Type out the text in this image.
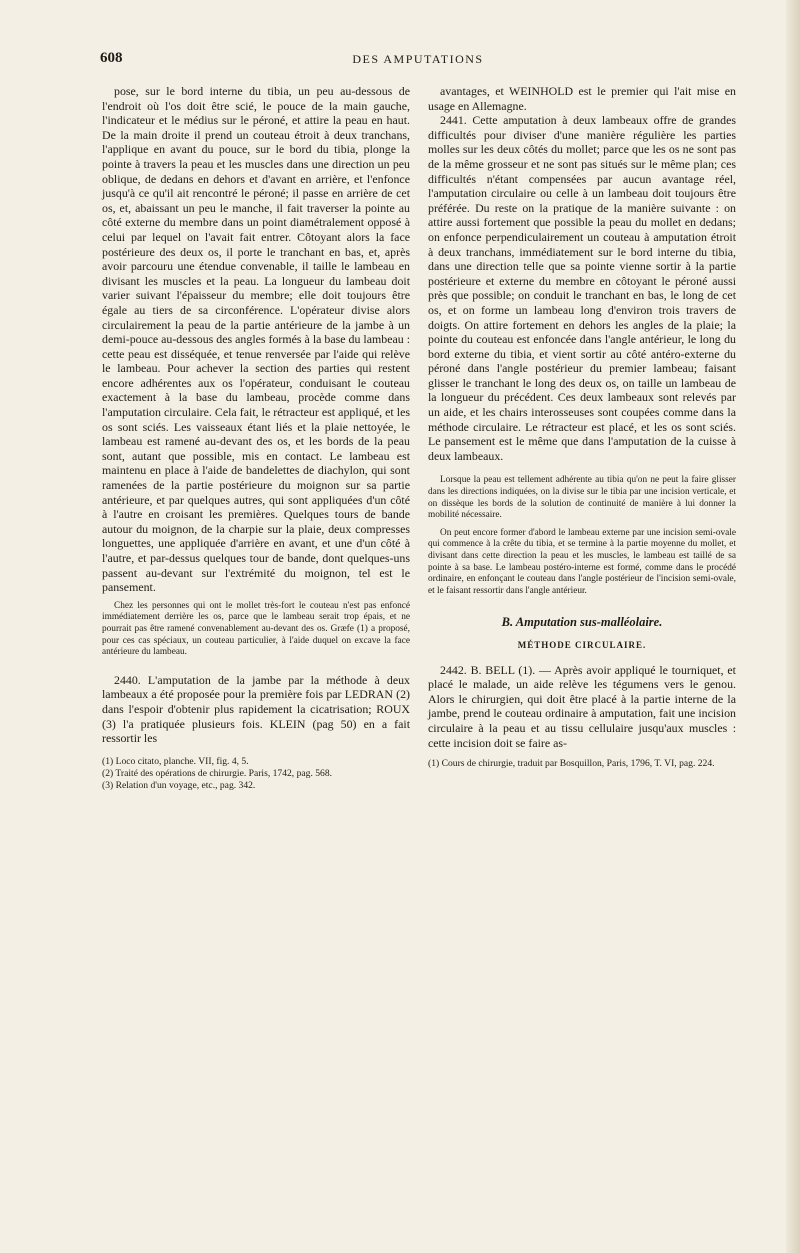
608	DES AMPUTATIONS

pose, sur le bord interne du tibia, un peu au-dessous de l'endroit où l'os doit être scié, le pouce de la main gauche, l'indicateur et le médius sur le péroné, et attire la peau en haut. De la main droite il prend un couteau étroit à deux tranchans, l'applique en avant du pouce, sur le bord du tibia, plonge la pointe à travers la peau et les muscles dans une direction un peu oblique, de dedans en dehors et d'avant en arrière, et l'enfonce jusqu'à ce qu'il ait rencontré le péroné; il passe en arrière de cet os, et, abaissant un peu le manche, il fait traverser la pointe au côté externe du membre dans un point diamétralement opposé à celui par lequel on l'avait fait entrer. Côtoyant alors la face postérieure des deux os, il porte le tranchant en bas, et, après avoir parcouru une étendue convenable, il taille le lambeau en divisant les muscles et la peau. La longueur du lambeau doit varier suivant l'épaisseur du membre; elle doit toujours être égale au tiers de sa circonférence. L'opérateur divise alors circulairement la peau de la partie antérieure de la jambe à un demi-pouce au-dessous des angles formés à la base du lambeau : cette peau est disséquée, et tenue renversée par l'aide qui relève le lambeau. Pour achever la section des parties qui restent encore adhérentes aux os l'opérateur, conduisant le couteau exactement à la base du lambeau, procède comme dans l'amputation circulaire. Cela fait, le rétracteur est appliqué, et les os sont sciés. Les vaisseaux étant liés et la plaie nettoyée, le lambeau est ramené au-devant des os, et les bords de la peau sont, autant que possible, mis en contact. Le lambeau est maintenu en place à l'aide de bandelettes de diachylon, qui sont ramenées de la partie postérieure du moignon sur sa partie antérieure, et par quelques autres, qui sont appliquées d'un côté à l'autre en croisant les premières. Quelques tours de bande autour du moignon, de la charpie sur la plaie, deux compresses longuettes, une appliquée d'arrière en avant, et une d'un côté à l'autre, et par-dessus quelques tour de bande, dont quelques-uns passent au-devant sur l'extrémité du moignon, tel est le pansement.

Chez les personnes qui ont le mollet très-fort le couteau n'est pas enfoncé immédiatement derrière les os, parce que le lambeau serait trop épais, et ne pourrait pas être ramené convenablement au-devant des os. Græfe (1) a proposé, pour ces cas spéciaux, un couteau particulier, à l'aide duquel on excave la face antérieure du lambeau.

2440. L'amputation de la jambe par la méthode à deux lambeaux a été proposée pour la première fois par LEDRAN (2) dans l'espoir d'obtenir plus rapidement la cicatrisation; ROUX (3) l'a pratiquée plusieurs fois. KLEIN (pag 50) en a fait ressortir les

(1) Loco citato, planche. VII, fig. 4, 5.

(2) Traité des opérations de chirurgie. Paris, 1742, pag. 568.

(3) Relation d'un voyage, etc., pag. 342.

avantages, et WEINHOLD est le premier qui l'ait mise en usage en Allemagne.

2441. Cette amputation à deux lambeaux offre de grandes difficultés pour diviser d'une manière régulière les parties molles sur les deux côtés du mollet; parce que les os ne sont pas de la même grosseur et ne sont pas situés sur le même plan; ces difficultés n'étant compensées par aucun avantage réel, l'amputation circulaire ou celle à un lambeau doit toujours être préférée. Du reste on la pratique de la manière suivante : on attire aussi fortement que possible la peau du mollet en dedans; on enfonce perpendiculairement un couteau à amputation étroit à deux tranchans, immédiatement sur le bord interne du tibia, dans une direction telle que sa pointe vienne sortir à la partie postérieure et externe du membre en côtoyant le péroné aussi près que possible; on conduit le tranchant en bas, le long de cet os, et on forme un lambeau long d'environ trois travers de doigts. On attire fortement en dehors les angles de la plaie; la pointe du couteau est enfoncée dans l'angle antérieur, le long du bord externe du tibia, et vient sortir au côté antéro-externe du péroné dans l'angle postérieur du premier lambeau; faisant glisser le tranchant le long des deux os, on taille un lambeau de la longueur du précédent. Ces deux lambeaux sont relevés par un aide, et les chairs interosseuses sont coupées comme dans la méthode circulaire. Le rétracteur est placé, et les os sont sciés. Le pansement est le même que dans l'amputation de la cuisse à deux lambeaux.

Lorsque la peau est tellement adhérente au tibia qu'on ne peut la faire glisser dans les directions indiquées, on la divise sur le tibia par une incision verticale, et on dissèque les bords de la solution de continuité de manière à lui donner la mobilité nécessaire.

On peut encore former d'abord le lambeau externe par une incision semi-ovale qui commence à la crête du tibia, et se termine à la partie moyenne du mollet, et divisant dans cette direction la peau et les muscles, le lambeau est taillé de sa pointe à sa base. Le lambeau postéro-interne est formé, comme dans le procédé ordinaire, en enfonçant le couteau dans l'angle postérieur de l'incision semi-ovale, et le faisant ressortir dans l'angle antérieur.

B. Amputation sus-malléolaire.

MÉTHODE CIRCULAIRE.

2442. B. BELL (1). — Après avoir appliqué le tourniquet, et placé le malade, un aide relève les tégumens vers le genou. Alors le chirurgien, qui doit être placé à la partie interne de la jambe, prend le couteau ordinaire à amputation, fait une incision circulaire à la peau et au tissu cellulaire jusqu'aux muscles : cette incision doit se faire as-

(1) Cours de chirurgie, traduit par Bosquillon, Paris, 1796, T. VI, pag. 224.
